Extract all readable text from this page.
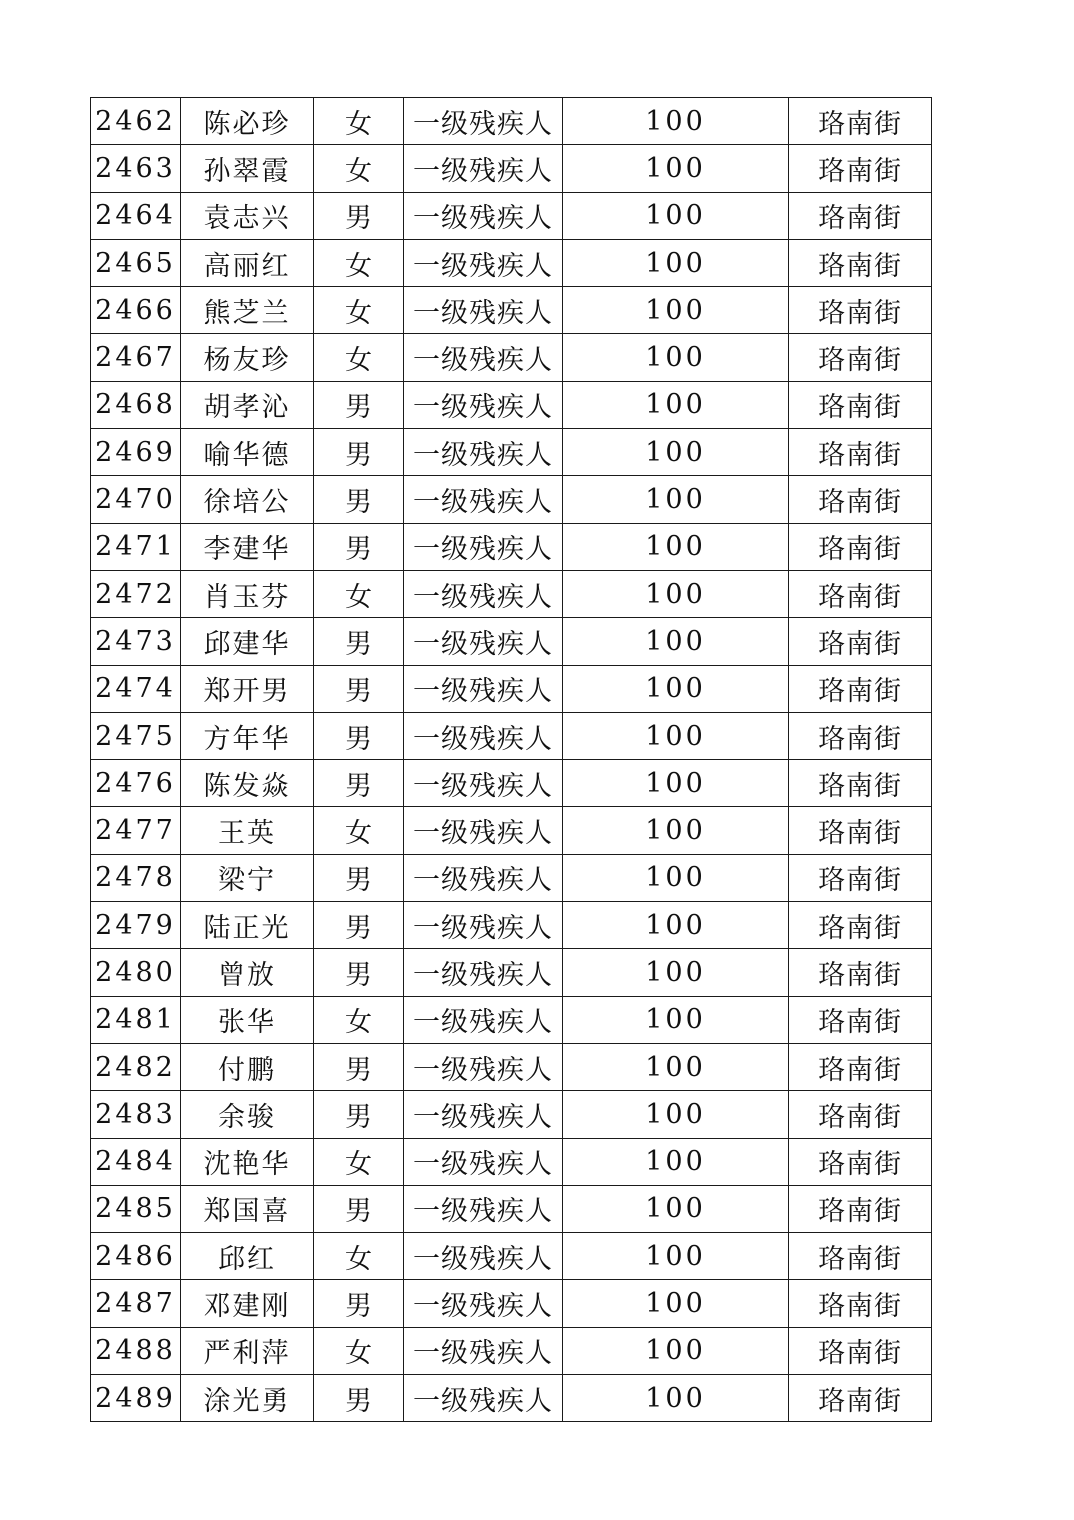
2462	陈必珍	女	一级残疾人	100	珞南街
2463	孙翠霞	女	一级残疾人	100	珞南街
2464	袁志兴	男	一级残疾人	100	珞南街
2465	高丽红	女	一级残疾人	100	珞南街
2466	熊芝兰	女	一级残疾人	100	珞南街
2467	杨友珍	女	一级残疾人	100	珞南街
2468	胡孝沁	男	一级残疾人	100	珞南街
2469	喻华德	男	一级残疾人	100	珞南街
2470	徐培公	男	一级残疾人	100	珞南街
2471	李建华	男	一级残疾人	100	珞南街
2472	肖玉芬	女	一级残疾人	100	珞南街
2473	邱建华	男	一级残疾人	100	珞南街
2474	郑开男	男	一级残疾人	100	珞南街
2475	方年华	男	一级残疾人	100	珞南街
2476	陈发焱	男	一级残疾人	100	珞南街
2477	王英	女	一级残疾人	100	珞南街
2478	梁宁	男	一级残疾人	100	珞南街
2479	陆正光	男	一级残疾人	100	珞南街
2480	曾放	男	一级残疾人	100	珞南街
2481	张华	女	一级残疾人	100	珞南街
2482	付鹏	男	一级残疾人	100	珞南街
2483	余骏	男	一级残疾人	100	珞南街
2484	沈艳华	女	一级残疾人	100	珞南街
2485	郑国喜	男	一级残疾人	100	珞南街
2486	邱红	女	一级残疾人	100	珞南街
2487	邓建刚	男	一级残疾人	100	珞南街
2488	严利萍	女	一级残疾人	100	珞南街
2489	涂光勇	男	一级残疾人	100	珞南街
